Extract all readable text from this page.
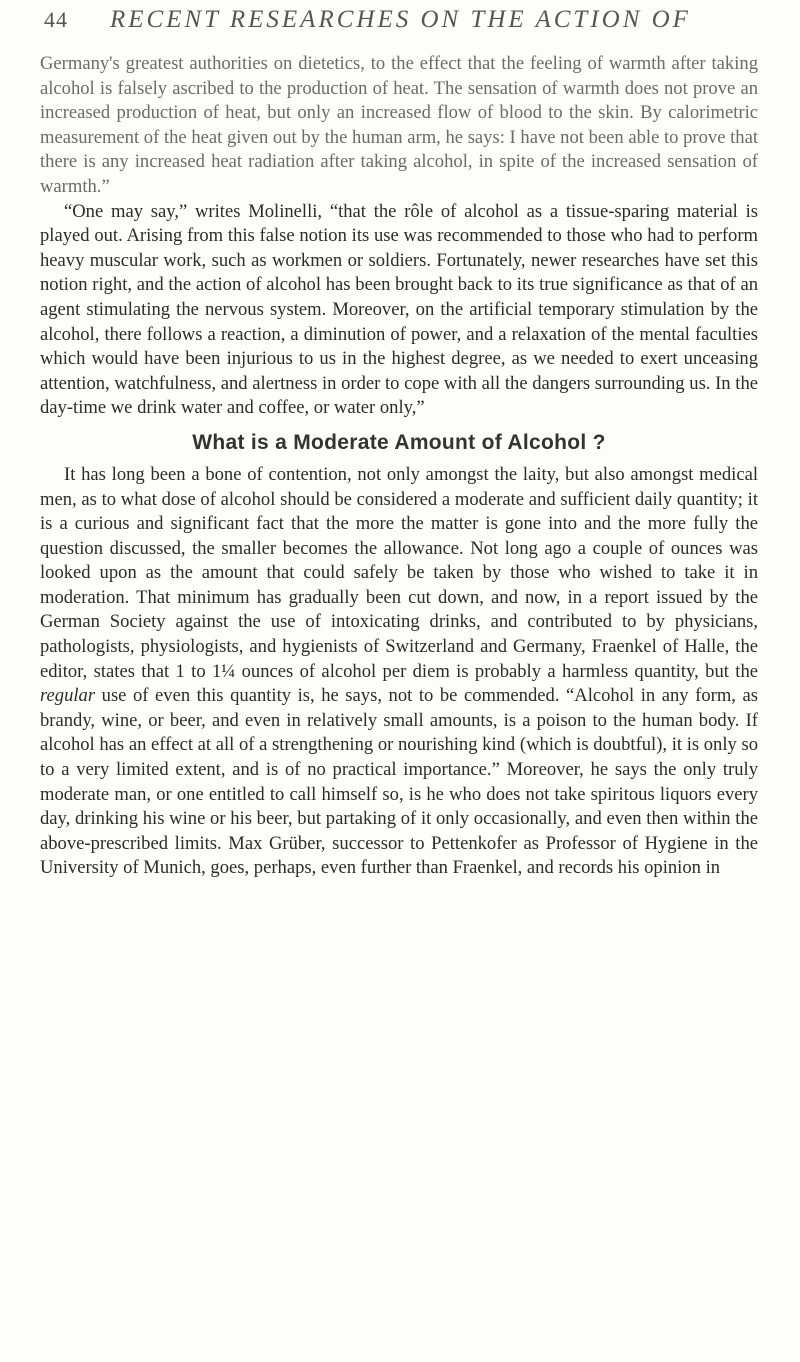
44	RECENT RESEARCHES ON THE ACTION OF

Germany's greatest authorities on dietetics, to the effect that the feeling of warmth after taking alcohol is falsely ascribed to the production of heat. The sensation of warmth does not prove an increased production of heat, but only an increased flow of blood to the skin. By calorimetric measurement of the heat given out by the human arm, he says: I have not been able to prove that there is any increased heat radiation after taking alcohol, in spite of the increased sensation of warmth.”

“One may say,” writes Molinelli, “that the rôle of alcohol as a tissue-sparing material is played out. Arising from this false notion its use was recommended to those who had to perform heavy muscular work, such as workmen or soldiers. Fortunately, newer researches have set this notion right, and the action of alcohol has been brought back to its true significance as that of an agent stimulating the nervous system. Moreover, on the artificial temporary stimulation by the alcohol, there follows a reaction, a diminution of power, and a relaxation of the mental faculties which would have been injurious to us in the highest degree, as we needed to exert unceasing attention, watchfulness, and alertness in order to cope with all the dangers surrounding us. In the day-time we drink water and coffee, or water only,”

What is a Moderate Amount of Alcohol ?

It has long been a bone of contention, not only amongst the laity, but also amongst medical men, as to what dose of alcohol should be considered a moderate and sufficient daily quantity; it is a curious and significant fact that the more the matter is gone into and the more fully the question discussed, the smaller becomes the allowance. Not long ago a couple of ounces was looked upon as the amount that could safely be taken by those who wished to take it in moderation. That minimum has gradually been cut down, and now, in a report issued by the German Society against the use of intoxicating drinks, and contributed to by physicians, pathologists, physiologists, and hygienists of Switzerland and Germany, Fraenkel of Halle, the editor, states that 1 to 1¼ ounces of alcohol per diem is probably a harmless quantity, but the regular use of even this quantity is, he says, not to be commended. “Alcohol in any form, as brandy, wine, or beer, and even in relatively small amounts, is a poison to the human body. If alcohol has an effect at all of a strengthening or nourishing kind (which is doubtful), it is only so to a very limited extent, and is of no practical importance.” Moreover, he says the only truly moderate man, or one entitled to call himself so, is he who does not take spiritous liquors every day, drinking his wine or his beer, but partaking of it only occasionally, and even then within the above-prescribed limits. Max Grüber, successor to Pettenkofer as Professor of Hygiene in the University of Munich, goes, perhaps, even further than Fraenkel, and records his opinion in
